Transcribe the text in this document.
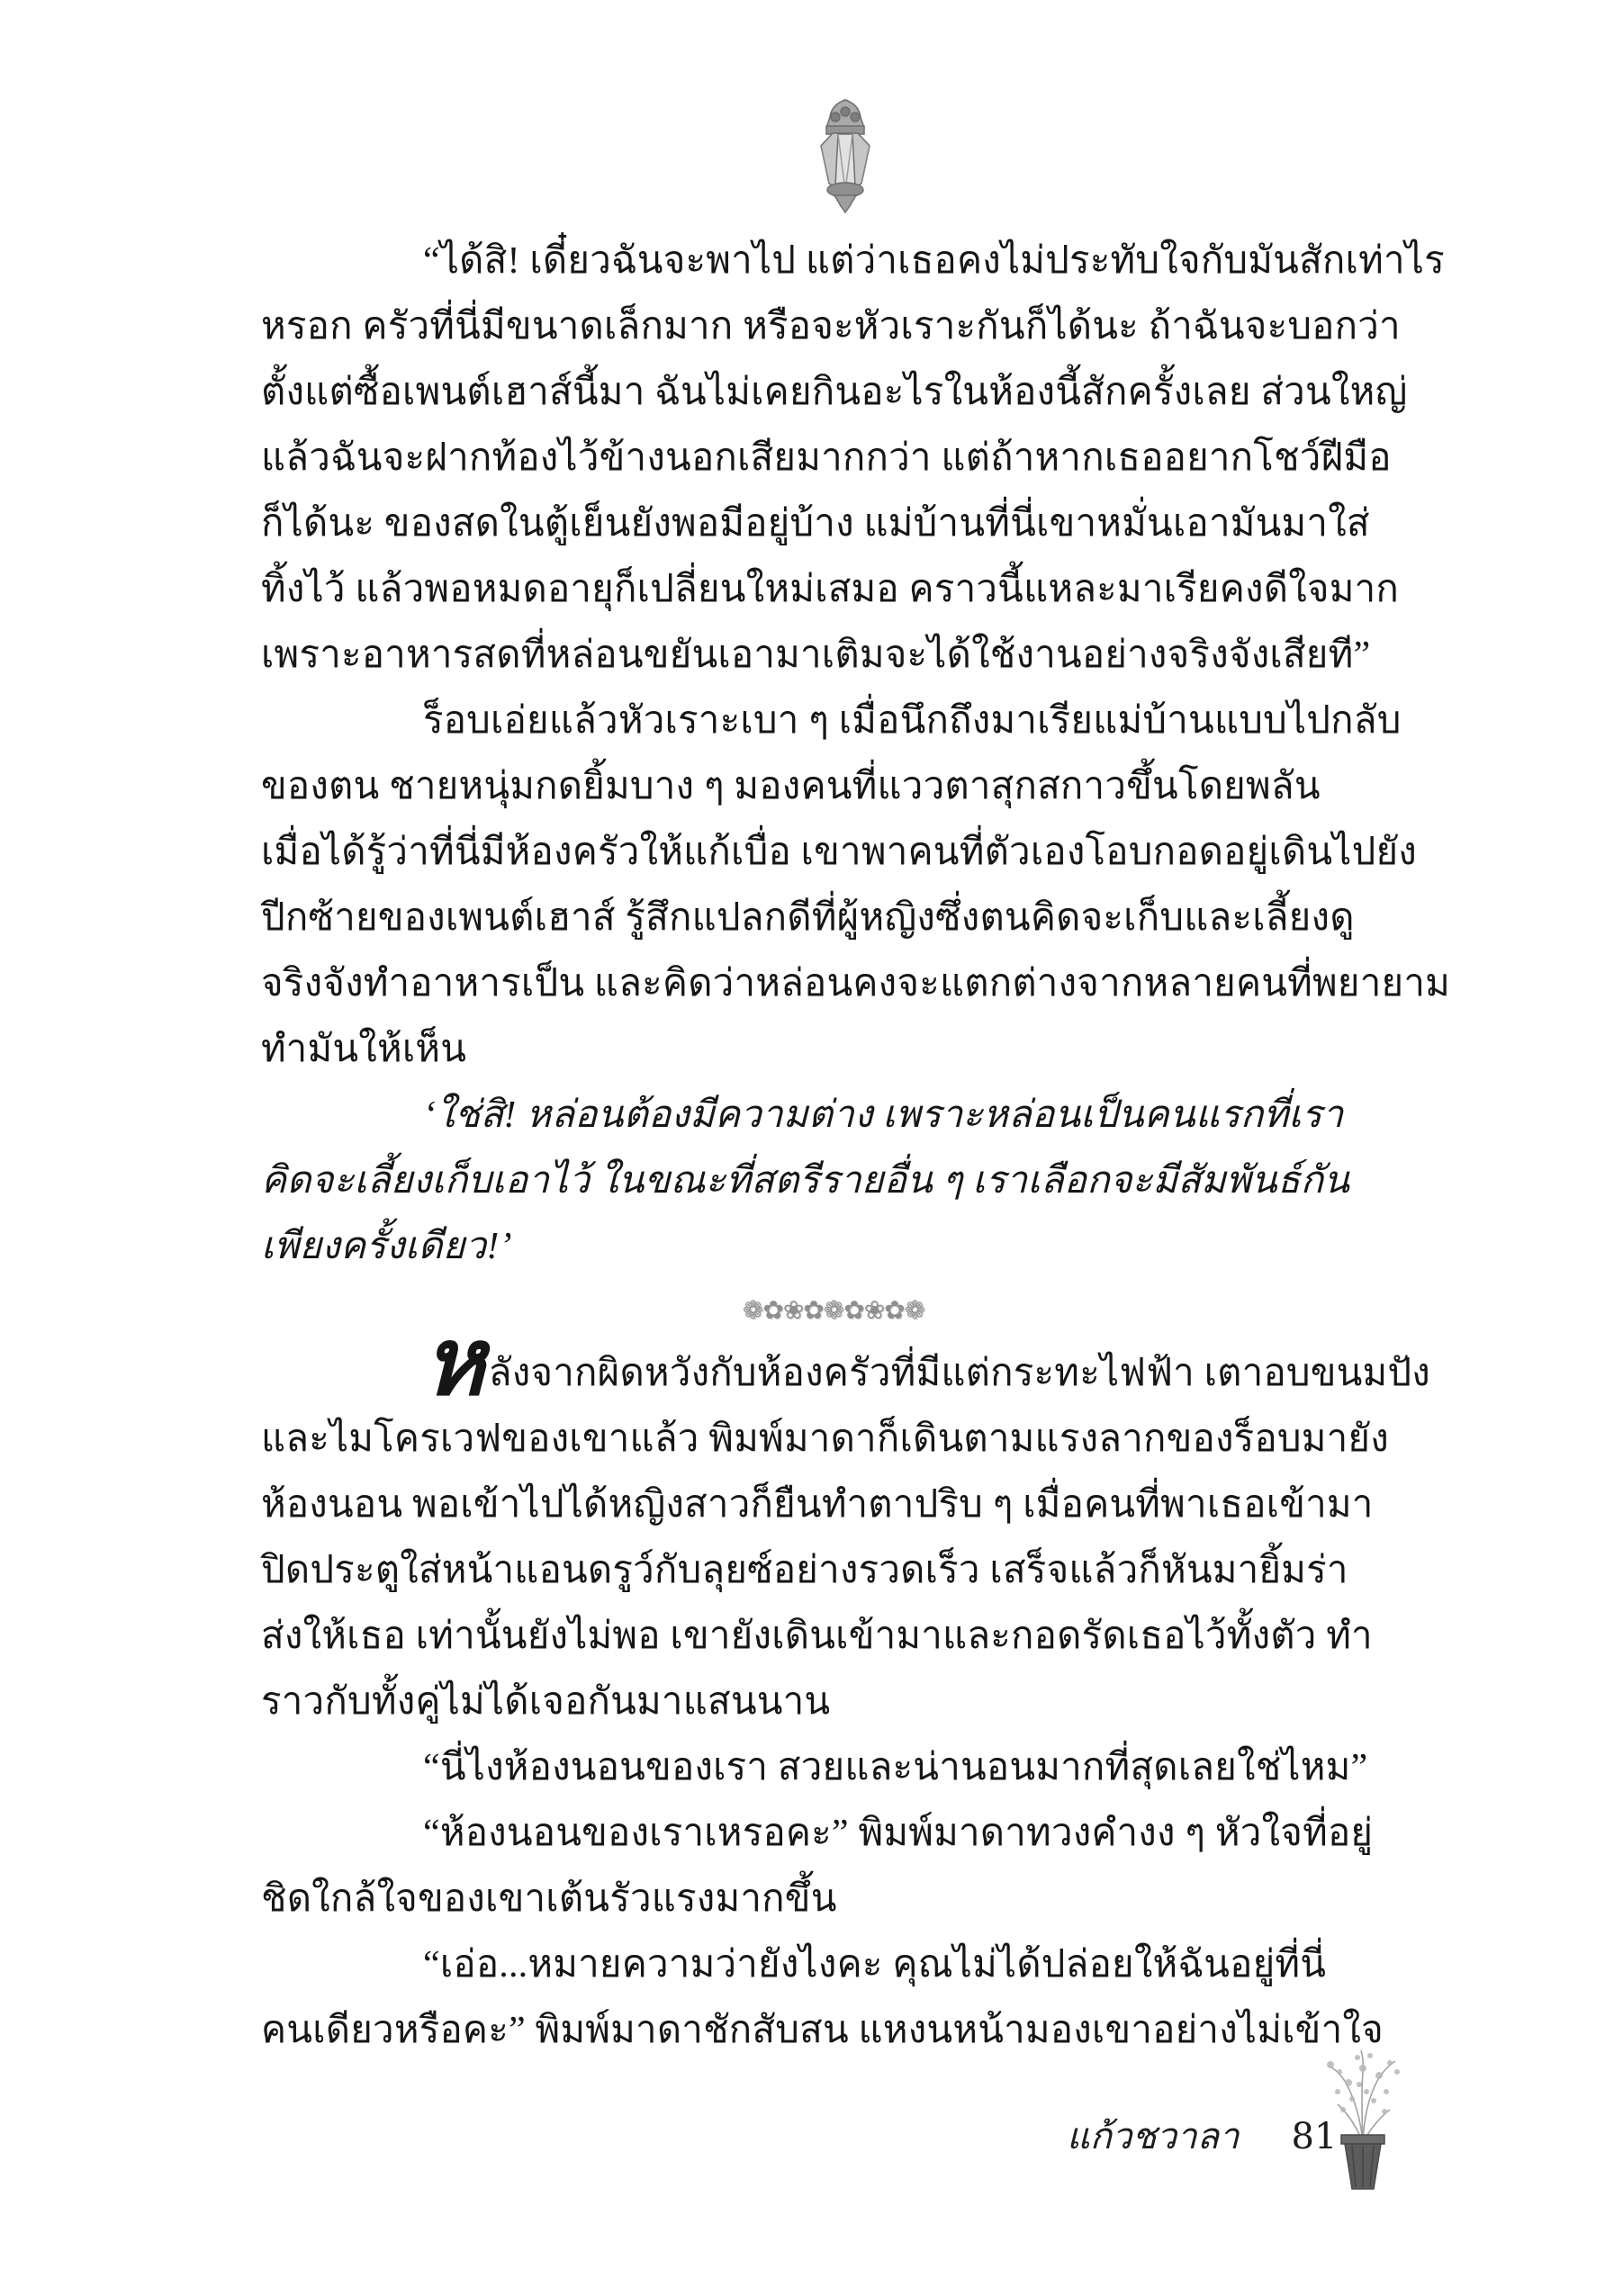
“ได้สิ! เดี๋ยวฉันจะพาไป แต่ว่าเธอคงไม่ประทับใจกับมันสักเท่าไร
หรอก ครัวที่นี่มีขนาดเล็กมาก หรือจะหัวเราะกันก็ได้นะ ถ้าฉันจะบอกว่า
ตั้งแต่ซื้อเพนต์เฮาส์นี้มา ฉันไม่เคยกินอะไรในห้องนี้สักครั้งเลย ส่วนใหญ่
แล้วฉันจะฝากท้องไว้ข้างนอกเสียมากกว่า แต่ถ้าหากเธออยากโชว์ฝีมือ
ก็ได้นะ ของสดในตู้เย็นยังพอมีอยู่บ้าง แม่บ้านที่นี่เขาหมั่นเอามันมาใส่
ทิ้งไว้ แล้วพอหมดอายุก็เปลี่ยนใหม่เสมอ คราวนี้แหละมาเรียคงดีใจมาก
เพราะอาหารสดที่หล่อนขยันเอามาเติมจะได้ใช้งานอย่างจริงจังเสียที”
ร็อบเอ่ยแล้วหัวเราะเบา ๆ เมื่อนึกถึงมาเรียแม่บ้านแบบไปกลับ
ของตน ชายหนุ่มกดยิ้มบาง ๆ มองคนที่แววตาสุกสกาวขึ้นโดยพลัน
เมื่อได้รู้ว่าที่นี่มีห้องครัวให้แก้เบื่อ เขาพาคนที่ตัวเองโอบกอดอยู่เดินไปยัง
ปีกซ้ายของเพนต์เฮาส์ รู้สึกแปลกดีที่ผู้หญิงซึ่งตนคิดจะเก็บและเลี้ยงดู
จริงจังทำอาหารเป็น และคิดว่าหล่อนคงจะแตกต่างจากหลายคนที่พยายาม
ทำมันให้เห็น
‘ใช่สิ! หล่อนต้องมีความต่าง เพราะหล่อนเป็นคนแรกที่เรา
คิดจะเลี้ยงเก็บเอาไว้ ในขณะที่สตรีรายอื่น ๆ เราเลือกจะมีสัมพันธ์กัน
เพียงครั้งเดียว!’
❁✿❀✿❁✿❀✿❁
หลังจากผิดหวังกับห้องครัวที่มีแต่กระทะไฟฟ้า เตาอบขนมปัง
และไมโครเวฟของเขาแล้ว พิมพ์มาดาก็เดินตามแรงลากของร็อบมายัง
ห้องนอน พอเข้าไปได้หญิงสาวก็ยืนทำตาปริบ ๆ เมื่อคนที่พาเธอเข้ามา
ปิดประตูใส่หน้าแอนดรูว์กับลุยซ์อย่างรวดเร็ว เสร็จแล้วก็หันมายิ้มร่า
ส่งให้เธอ เท่านั้นยังไม่พอ เขายังเดินเข้ามาและกอดรัดเธอไว้ทั้งตัว ทำ
ราวกับทั้งคู่ไม่ได้เจอกันมาแสนนาน
“นี่ไงห้องนอนของเรา สวยและน่านอนมากที่สุดเลยใช่ไหม”
“ห้องนอนของเราเหรอคะ” พิมพ์มาดาทวงคำงง ๆ หัวใจที่อยู่
ชิดใกล้ใจของเขาเต้นรัวแรงมากขึ้น
“เอ่อ...หมายความว่ายังไงคะ คุณไม่ได้ปล่อยให้ฉันอยู่ที่นี่
คนเดียวหรือคะ” พิมพ์มาดาชักสับสน แหงนหน้ามองเขาอย่างไม่เข้าใจ
แก้วชวาลา 81
